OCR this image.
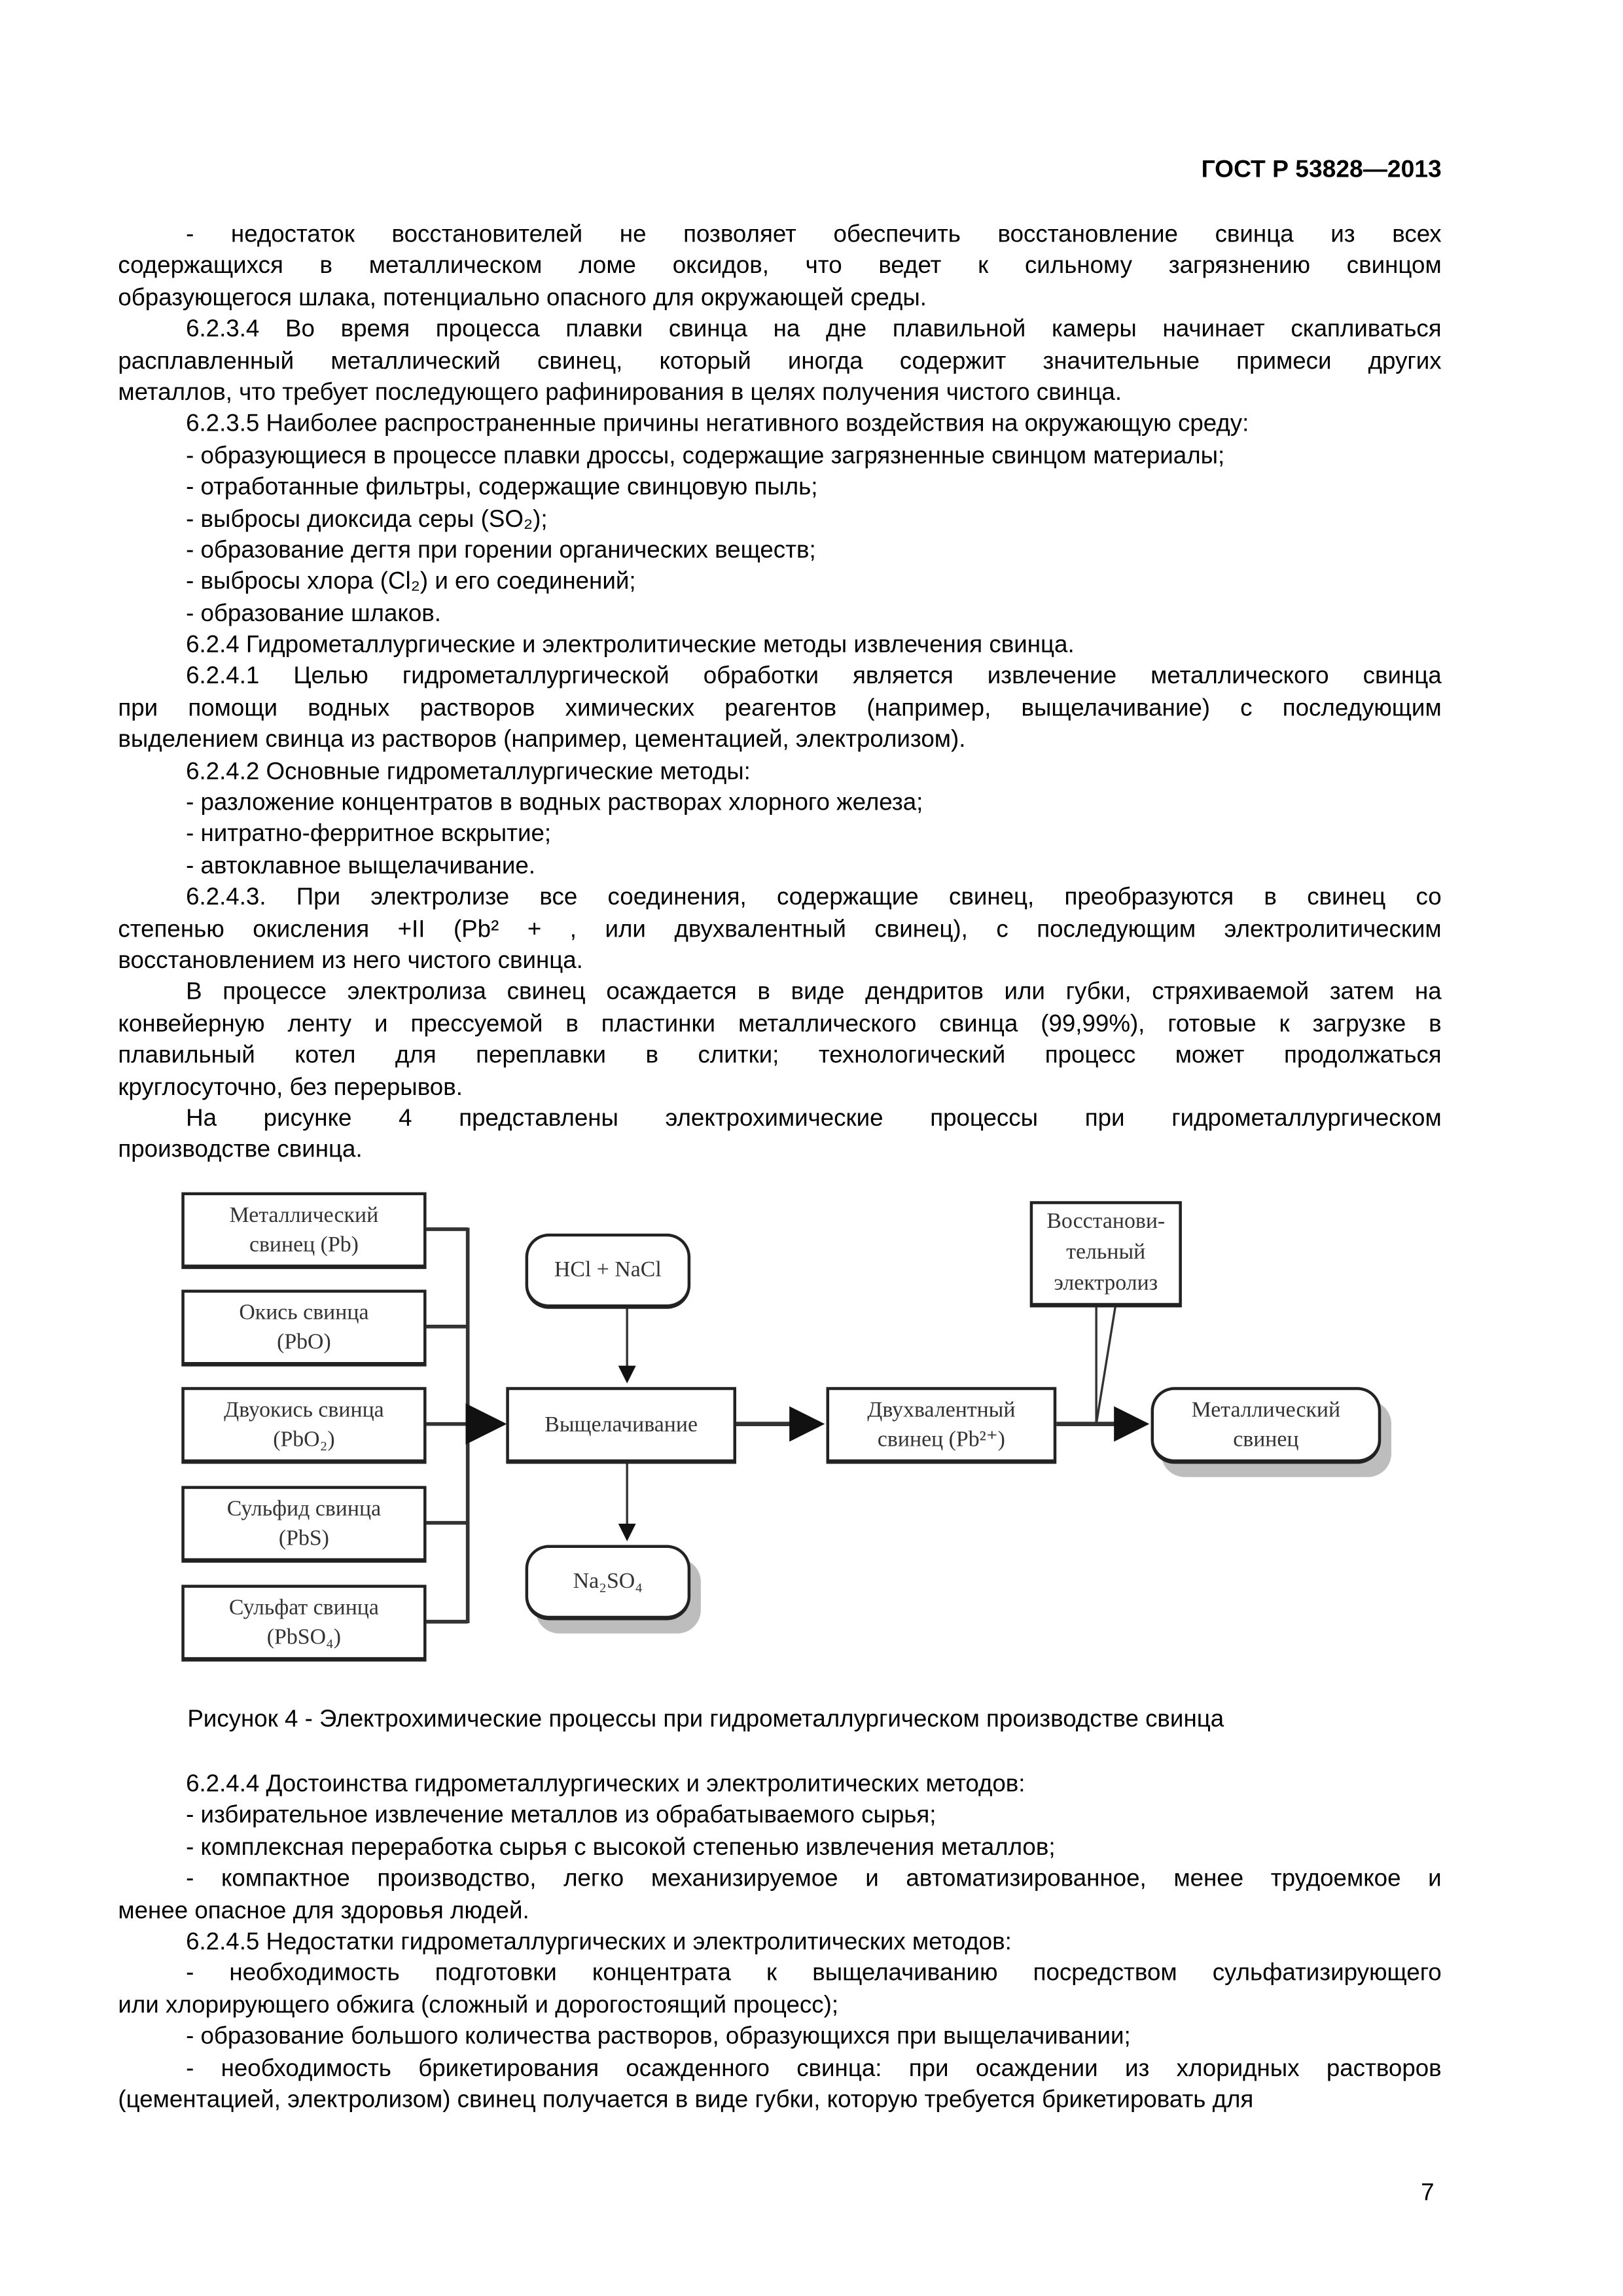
ГОСТ Р 53828—2013
- недостаток восстановителей не позволяет обеспечить восстановление свинца из всех
содержащихся в металлическом ломе оксидов, что ведет к сильному загрязнению свинцом
образующегося шлака, потенциально опасного для окружающей среды.
6.2.3.4 Во время процесса плавки свинца на дне плавильной камеры начинает скапливаться
расплавленный металлический свинец, который иногда содержит значительные примеси других
металлов, что требует последующего рафинирования в целях получения чистого свинца.
6.2.3.5 Наиболее распространенные причины негативного воздействия на окружающую среду:
- образующиеся в процессе плавки дроссы, содержащие загрязненные свинцом материалы;
- отработанные фильтры, содержащие свинцовую пыль;
- выбросы диоксида серы (SO₂);
- образование дегтя при горении органических веществ;
- выбросы хлора (Cl₂) и его соединений;
- образование шлаков.
6.2.4 Гидрометаллургические и электролитические методы извлечения свинца.
6.2.4.1 Целью гидрометаллургической обработки является извлечение металлического свинца
при помощи водных растворов химических реагентов (например, выщелачивание) с последующим
выделением свинца из растворов (например, цементацией, электролизом).
6.2.4.2 Основные гидрометаллургические методы:
- разложение концентратов в водных растворах хлорного железа;
- нитратно-ферритное вскрытие;
- автоклавное выщелачивание.
6.2.4.3. При электролизе все соединения, содержащие свинец, преобразуются в свинец со
степенью окисления +II (Pb² + , или двухвалентный свинец), с последующим электролитическим
восстановлением из него чистого свинца.
В процессе электролиза свинец осаждается в виде дендритов или губки, стряхиваемой затем на
конвейерную ленту и прессуемой в пластинки металлического свинца (99,99%), готовые к загрузке в
плавильный котел для переплавки в слитки; технологический процесс может продолжаться
круглосуточно, без перерывов.
На рисунке 4 представлены электрохимические процессы при гидрометаллургическом
производстве свинца.
Металлический
свинец (Pb)
Окись свинца
(PbO)
Двуокись свинца
(PbO₂)
Сульфид свинца
(PbS)
Сульфат свинца
(PbSO₄)
HCl + NaCl
Выщелачивание
Na₂SO₄
Двухвалентный
свинец (Pb²⁺)
Восстанови-
тельный
электролиз
Металлический
свинец
Рисунок 4 - Электрохимические процессы при гидрометаллургическом производстве свинца
6.2.4.4 Достоинства гидрометаллургических и электролитических методов:
- избирательное извлечение металлов из обрабатываемого сырья;
- комплексная переработка сырья с высокой степенью извлечения металлов;
- компактное производство, легко механизируемое и автоматизированное, менее трудоемкое и
менее опасное для здоровья людей.
6.2.4.5 Недостатки гидрометаллургических и электролитических методов:
- необходимость подготовки концентрата к выщелачиванию посредством сульфатизирующего
или хлорирующего обжига (сложный и дорогостоящий процесс);
- образование большого количества растворов, образующихся при выщелачивании;
- необходимость брикетирования осажденного свинца: при осаждении из хлоридных растворов
(цементацией, электролизом) свинец получается в виде губки, которую требуется брикетировать для
7
